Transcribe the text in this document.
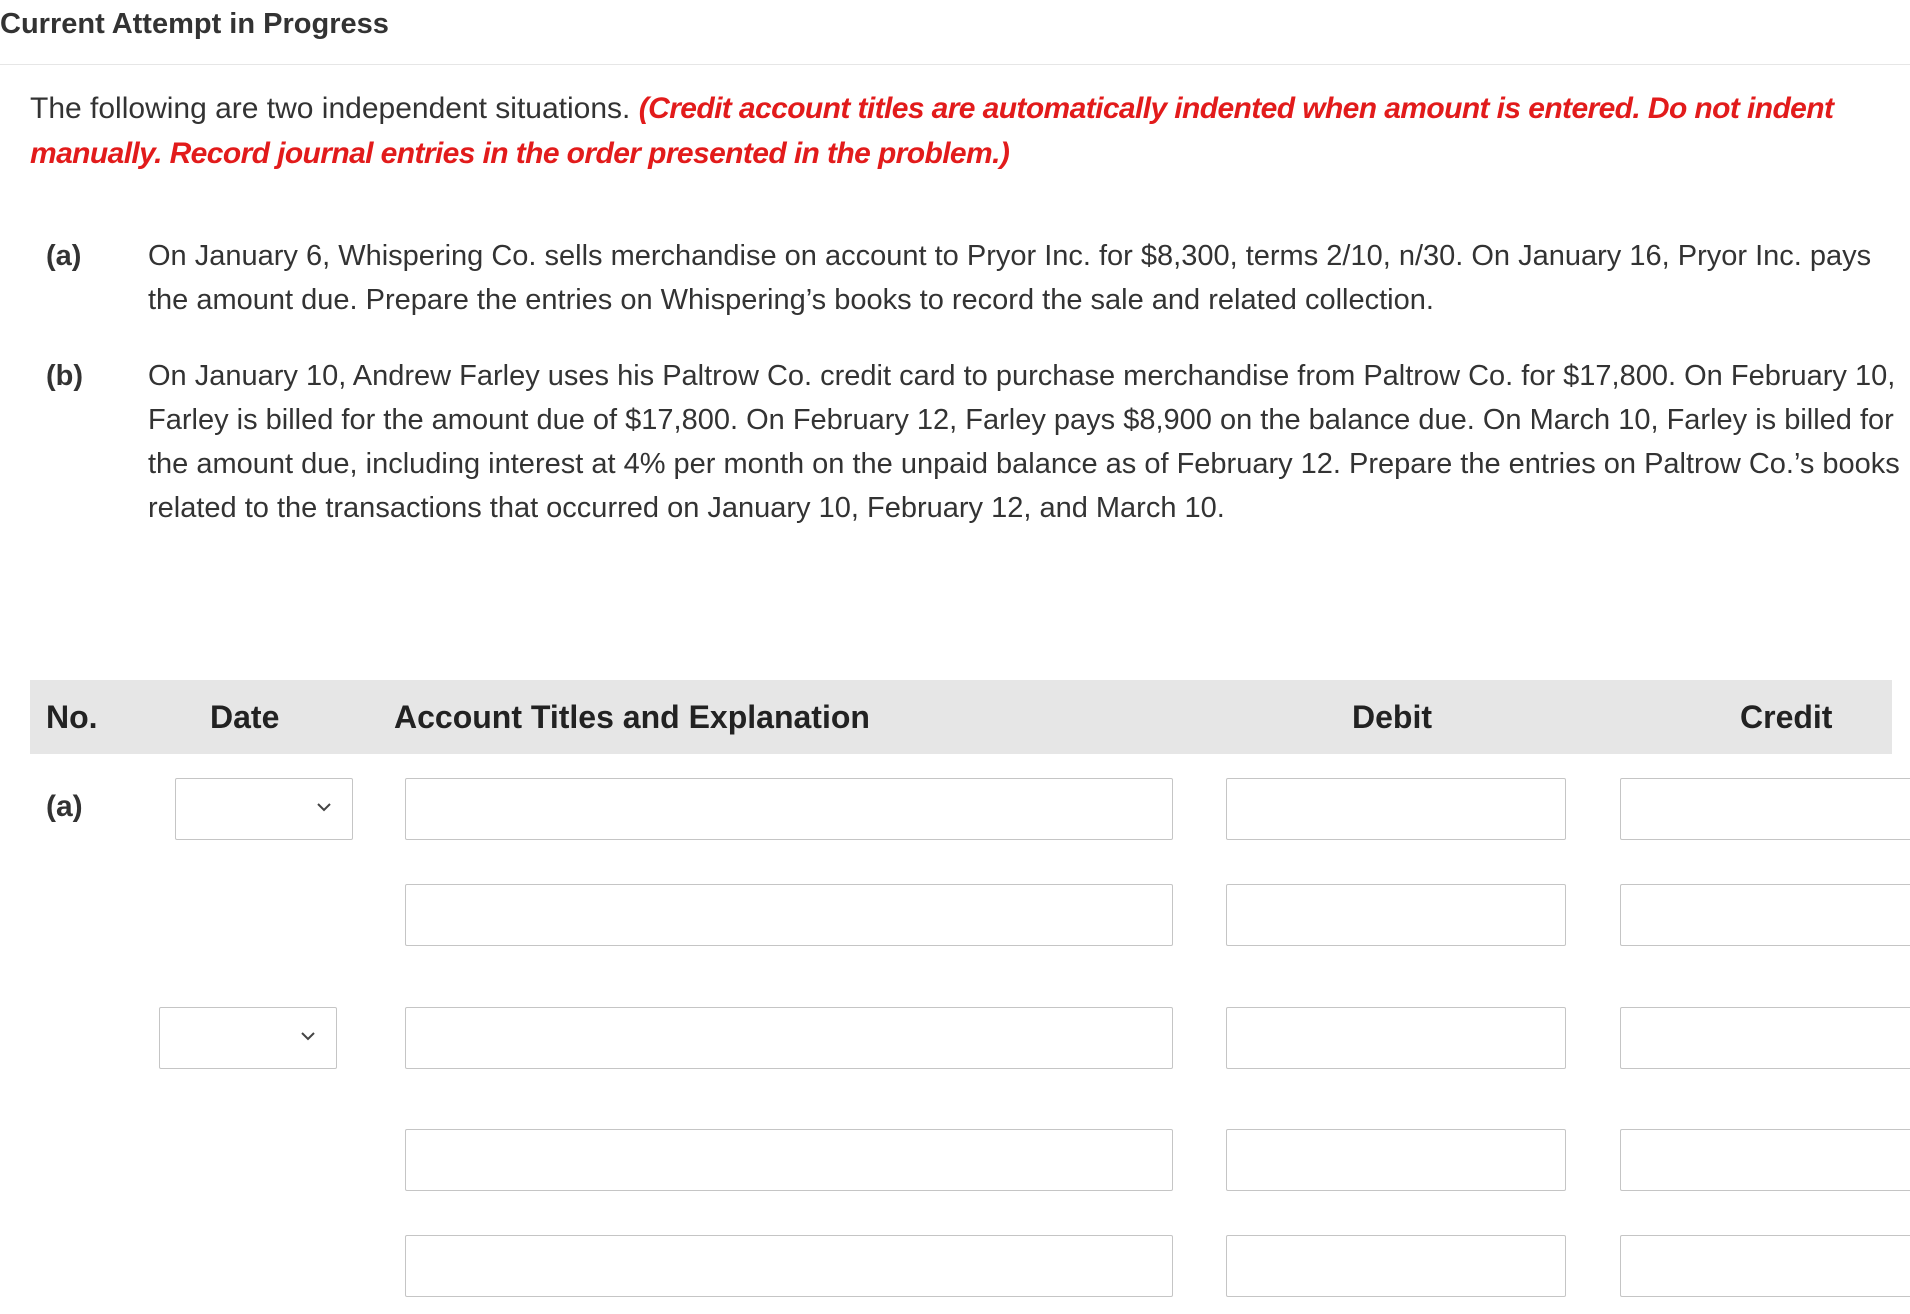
Current Attempt in Progress
The following are two independent situations. (Credit account titles are automatically indented when amount is entered. Do not indent manually. Record journal entries in the order presented in the problem.)
(a) On January 6, Whispering Co. sells merchandise on account to Pryor Inc. for $8,300, terms 2/10, n/30. On January 16, Pryor Inc. pays the amount due. Prepare the entries on Whispering’s books to record the sale and related collection.
(b) On January 10, Andrew Farley uses his Paltrow Co. credit card to purchase merchandise from Paltrow Co. for $17,800. On February 10, Farley is billed for the amount due of $17,800. On February 12, Farley pays $8,900 on the balance due. On March 10, Farley is billed for the amount due, including interest at 4% per month on the unpaid balance as of February 12. Prepare the entries on Paltrow Co.’s books related to the transactions that occurred on January 10, February 12, and March 10.
No.	Date	Account Titles and Explanation	Debit	Credit
(a)
